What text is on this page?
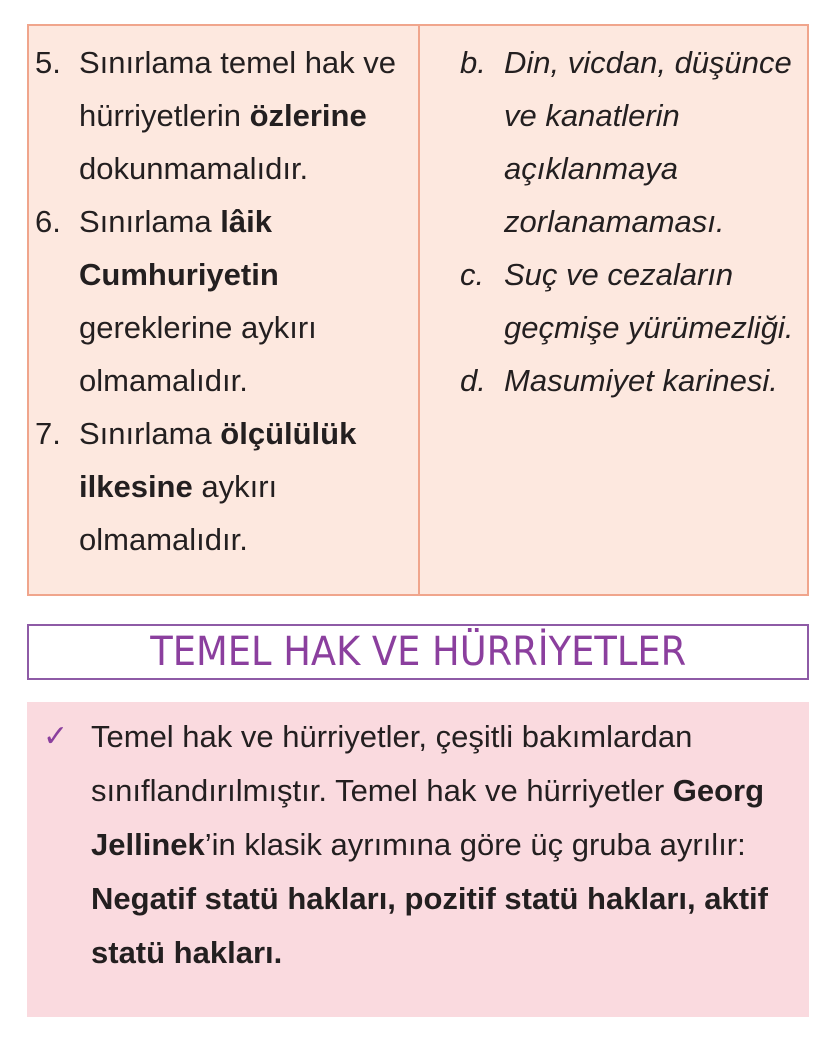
5. Sınırlama temel hak ve hürriyetlerin özlerine dokunmamalıdır.
6. Sınırlama lâik Cumhuriyetin gereklerine aykırı olmamalıdır.
7. Sınırlama ölçülülük ilkesine aykırı olmamalıdır.
b. Din, vicdan, düşünce ve kanatlerin açıklanmaya zorlanamaması.
c. Suç ve cezaların geçmişe yürümezliği.
d. Masumiyet karinesi.
TEMEL HAK VE HÜRRİYETLER
✓ Temel hak ve hürriyetler, çeşitli bakımlardan sınıflandırılmıştır. Temel hak ve hürriyetler Georg Jellinek’in klasik ayrımına göre üç gruba ayrılır: Negatif statü hakları, pozitif statü hakları, aktif statü hakları.
